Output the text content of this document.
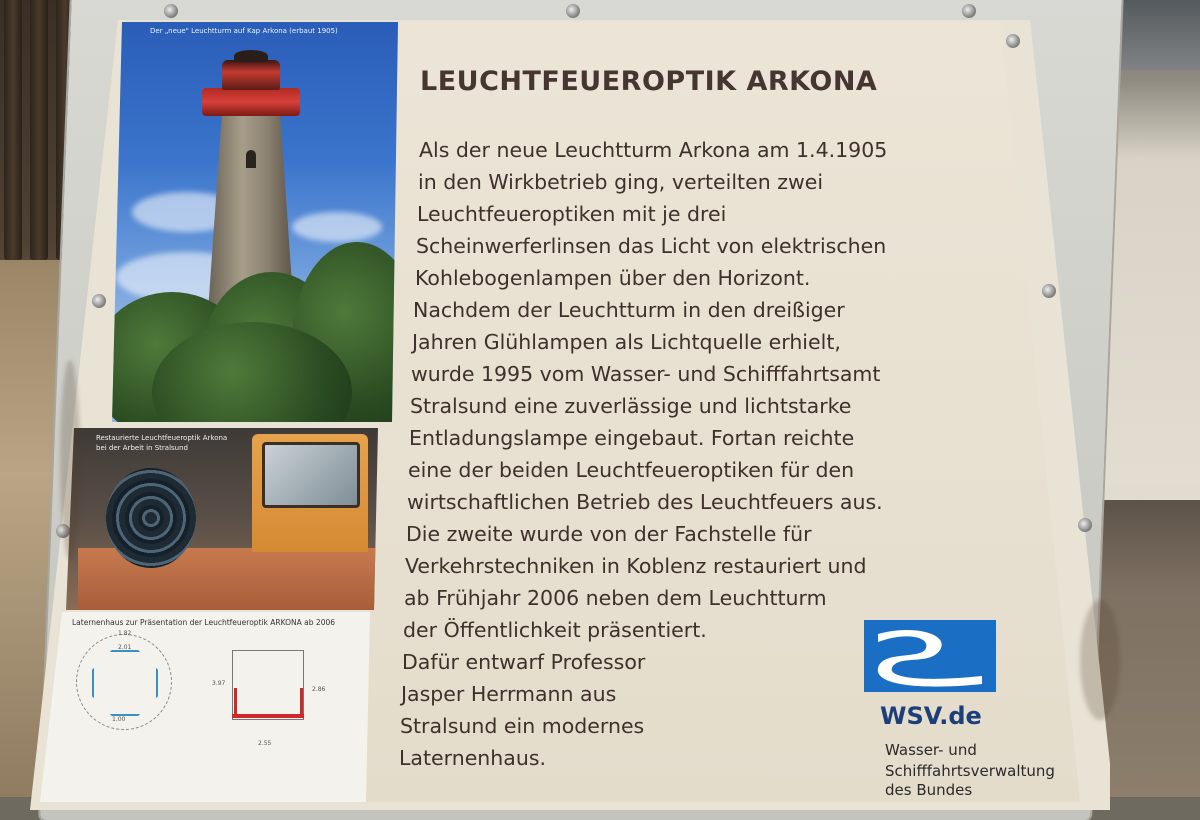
Der „neue" Leuchtturm auf Kap Arkona (erbaut 1905)
Restaurierte Leuchtfeueroptik Arkona
bei der Arbeit in Stralsund
Laternenhaus zur Präsentation der Leuchtfeueroptik ARKONA ab 2006
1.82
2.01
1.00
2.55
3.97
2.86
LEUCHTFEUEROPTIK ARKONA
Als der neue Leuchtturm Arkona am 1.4.1905
in den Wirkbetrieb ging, verteilten zwei
Leuchtfeueroptiken mit je drei
Scheinwerferlinsen das Licht von elektrischen
Kohlebogenlampen über den Horizont.
Nachdem der Leuchtturm in den dreißiger
Jahren Glühlampen als Lichtquelle erhielt,
wurde 1995 vom Wasser- und Schifffahrtsamt
Stralsund eine zuverlässige und lichtstarke
Entladungslampe eingebaut. Fortan reichte
eine der beiden Leuchtfeueroptiken für den
wirtschaftlichen Betrieb des Leuchtfeuers aus.
Die zweite wurde von der Fachstelle für
Verkehrstechniken in Koblenz restauriert und
ab Frühjahr 2006 neben dem Leuchtturm
der Öffentlichkeit präsentiert.
Dafür entwarf Professor
Jasper Herrmann aus
Stralsund ein modernes
Laternenhaus.
WSV.de
Wasser- und
Schifffahrtsverwaltung
des Bundes
